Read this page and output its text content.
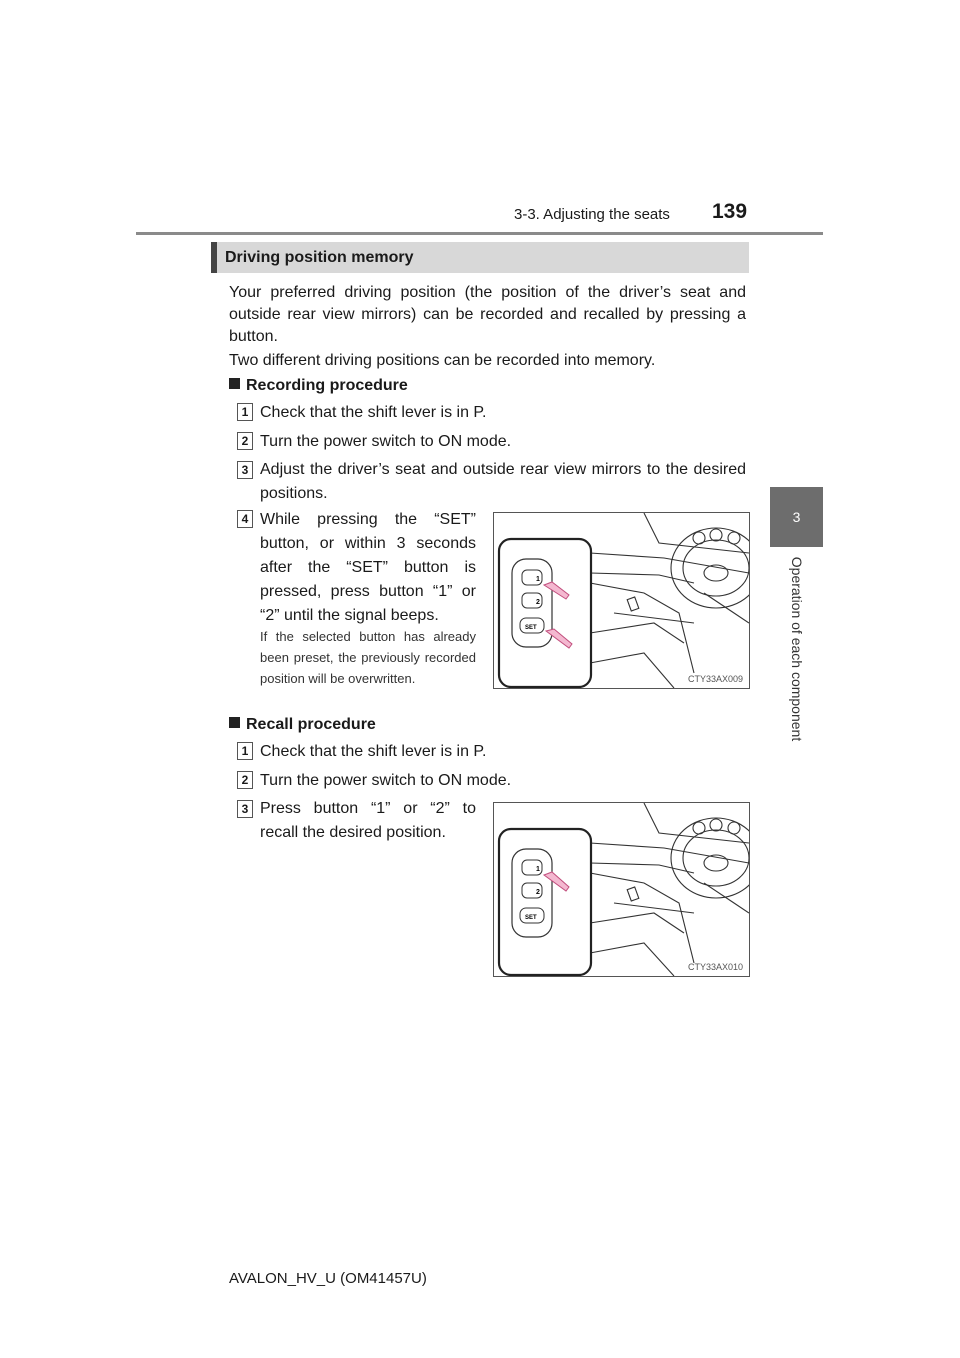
3-3. Adjusting the seats 139
3
Operation of each component
Driving position memory
Your preferred driving position (the position of the driver’s seat and outside rear view mirrors) can be recorded and recalled by pressing a button.
Two different driving positions can be recorded into memory.
Recording procedure
1 Check that the shift lever is in P.
2 Turn the power switch to ON mode.
3 Adjust the driver’s seat and outside rear view mirrors to the desired positions.
4 While pressing the “SET” button, or within 3 seconds after the “SET” button is pressed, press button “1” or “2” until the signal beeps.
If the selected button has already been preset, the previously recorded position will be overwritten.
1
2
SET
CTY33AX009
Recall procedure
1 Check that the shift lever is in P.
2 Turn the power switch to ON mode.
3 Press button “1” or “2” to recall the desired position.
1
2
SET
CTY33AX010
AVALON_HV_U (OM41457U)
